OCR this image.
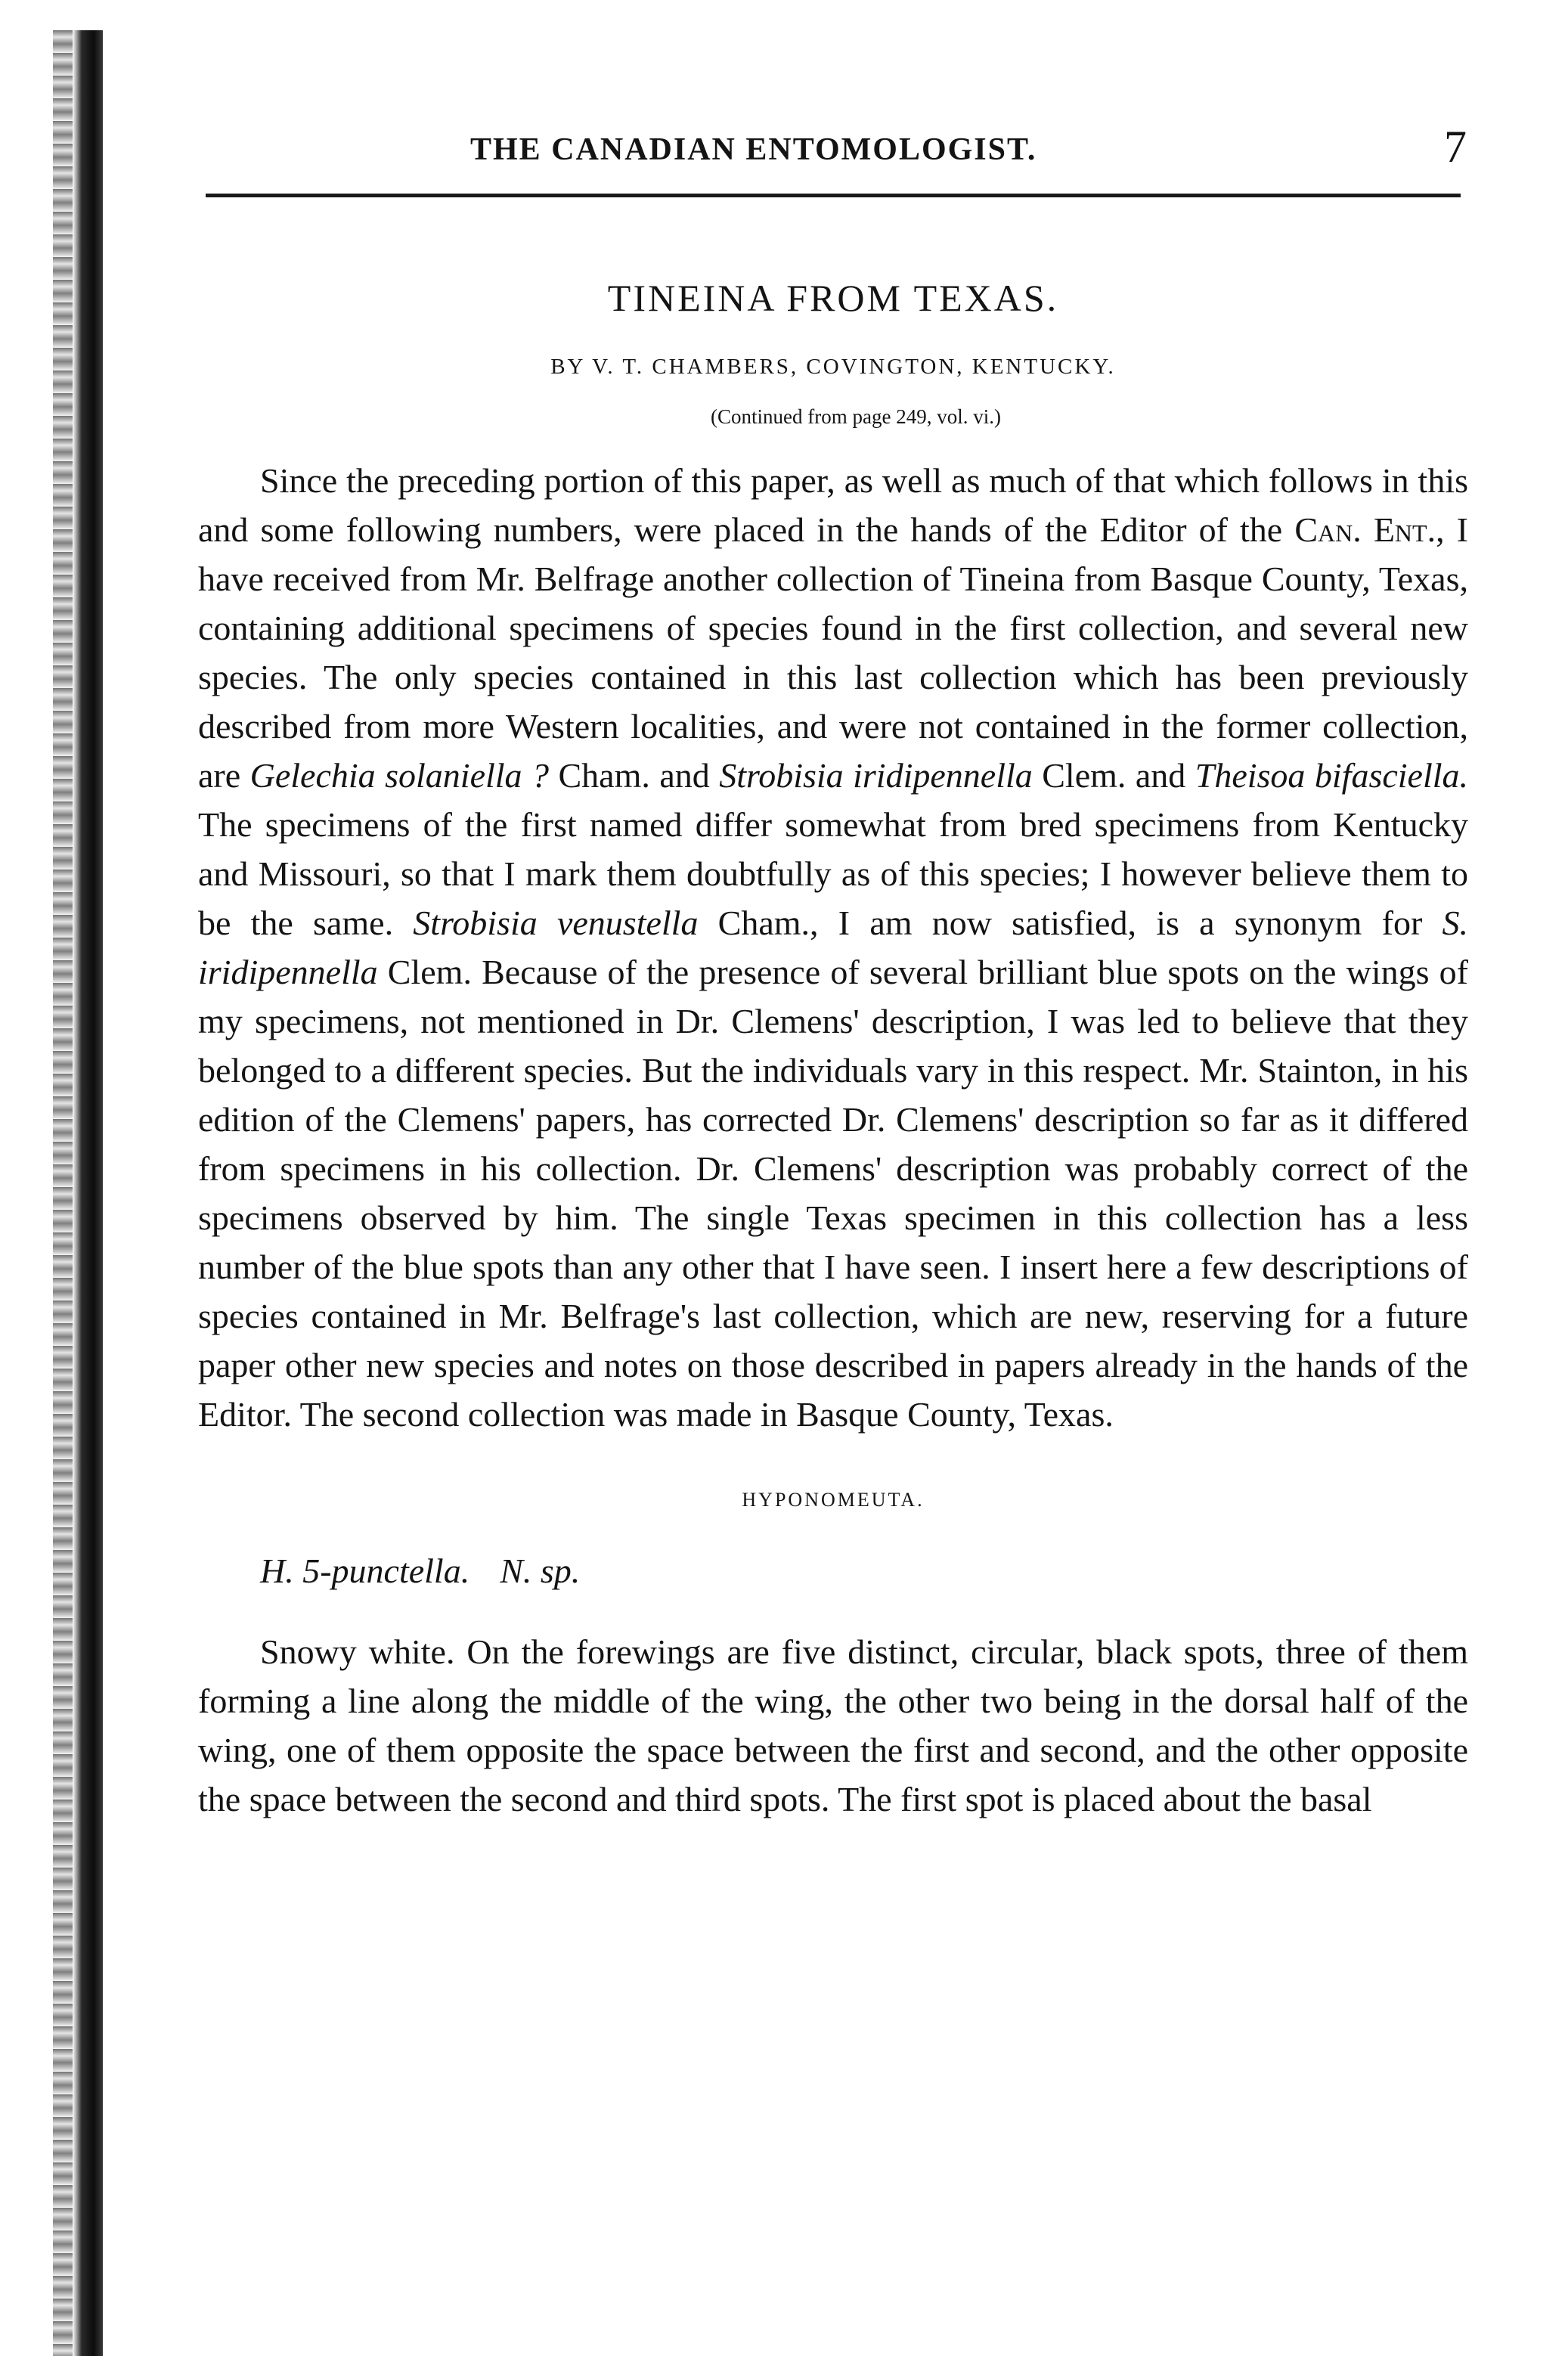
THE CANADIAN ENTOMOLOGIST.	7
TINEINA FROM TEXAS.
BY V. T. CHAMBERS, COVINGTON, KENTUCKY.
(Continued from page 249, vol. vi.)

Since the preceding portion of this paper, as well as much of that which follows in this and some following numbers, were placed in the hands of the Editor of the Can. Ent., I have received from Mr. Belfrage another collection of Tineina from Basque County, Texas, containing additional specimens of species found in the first collection, and several new species. The only species contained in this last collection which has been previously described from more Western localities, and were not contained in the former collection, are Gelechia solaniella ? Cham. and Strobisia iridipennella Clem. and Theisoa bifasciella. The specimens of the first named differ somewhat from bred specimens from Kentucky and Missouri, so that I mark them doubtfully as of this species; I however believe them to be the same. Strobisia venustella Cham., I am now satisfied, is a synonym for S. iridipennella Clem. Because of the presence of several brilliant blue spots on the wings of my specimens, not mentioned in Dr. Clemens' description, I was led to believe that they belonged to a different species. But the individuals vary in this respect. Mr. Stainton, in his edition of the Clemens' papers, has corrected Dr. Clemens' description so far as it differed from specimens in his collection. Dr. Clemens' description was probably correct of the specimens observed by him. The single Texas specimen in this collection has a less number of the blue spots than any other that I have seen. I insert here a few descriptions of species contained in Mr. Belfrage's last collection, which are new, reserving for a future paper other new species and notes on those described in papers already in the hands of the Editor. The second collection was made in Basque County, Texas.

HYPONOMEUTA.
H. 5-punctella. N. sp.

Snowy white. On the forewings are five distinct, circular, black spots, three of them forming a line along the middle of the wing, the other two being in the dorsal half of the wing, one of them opposite the space between the first and second, and the other opposite the space between the second and third spots. The first spot is placed about the basal
